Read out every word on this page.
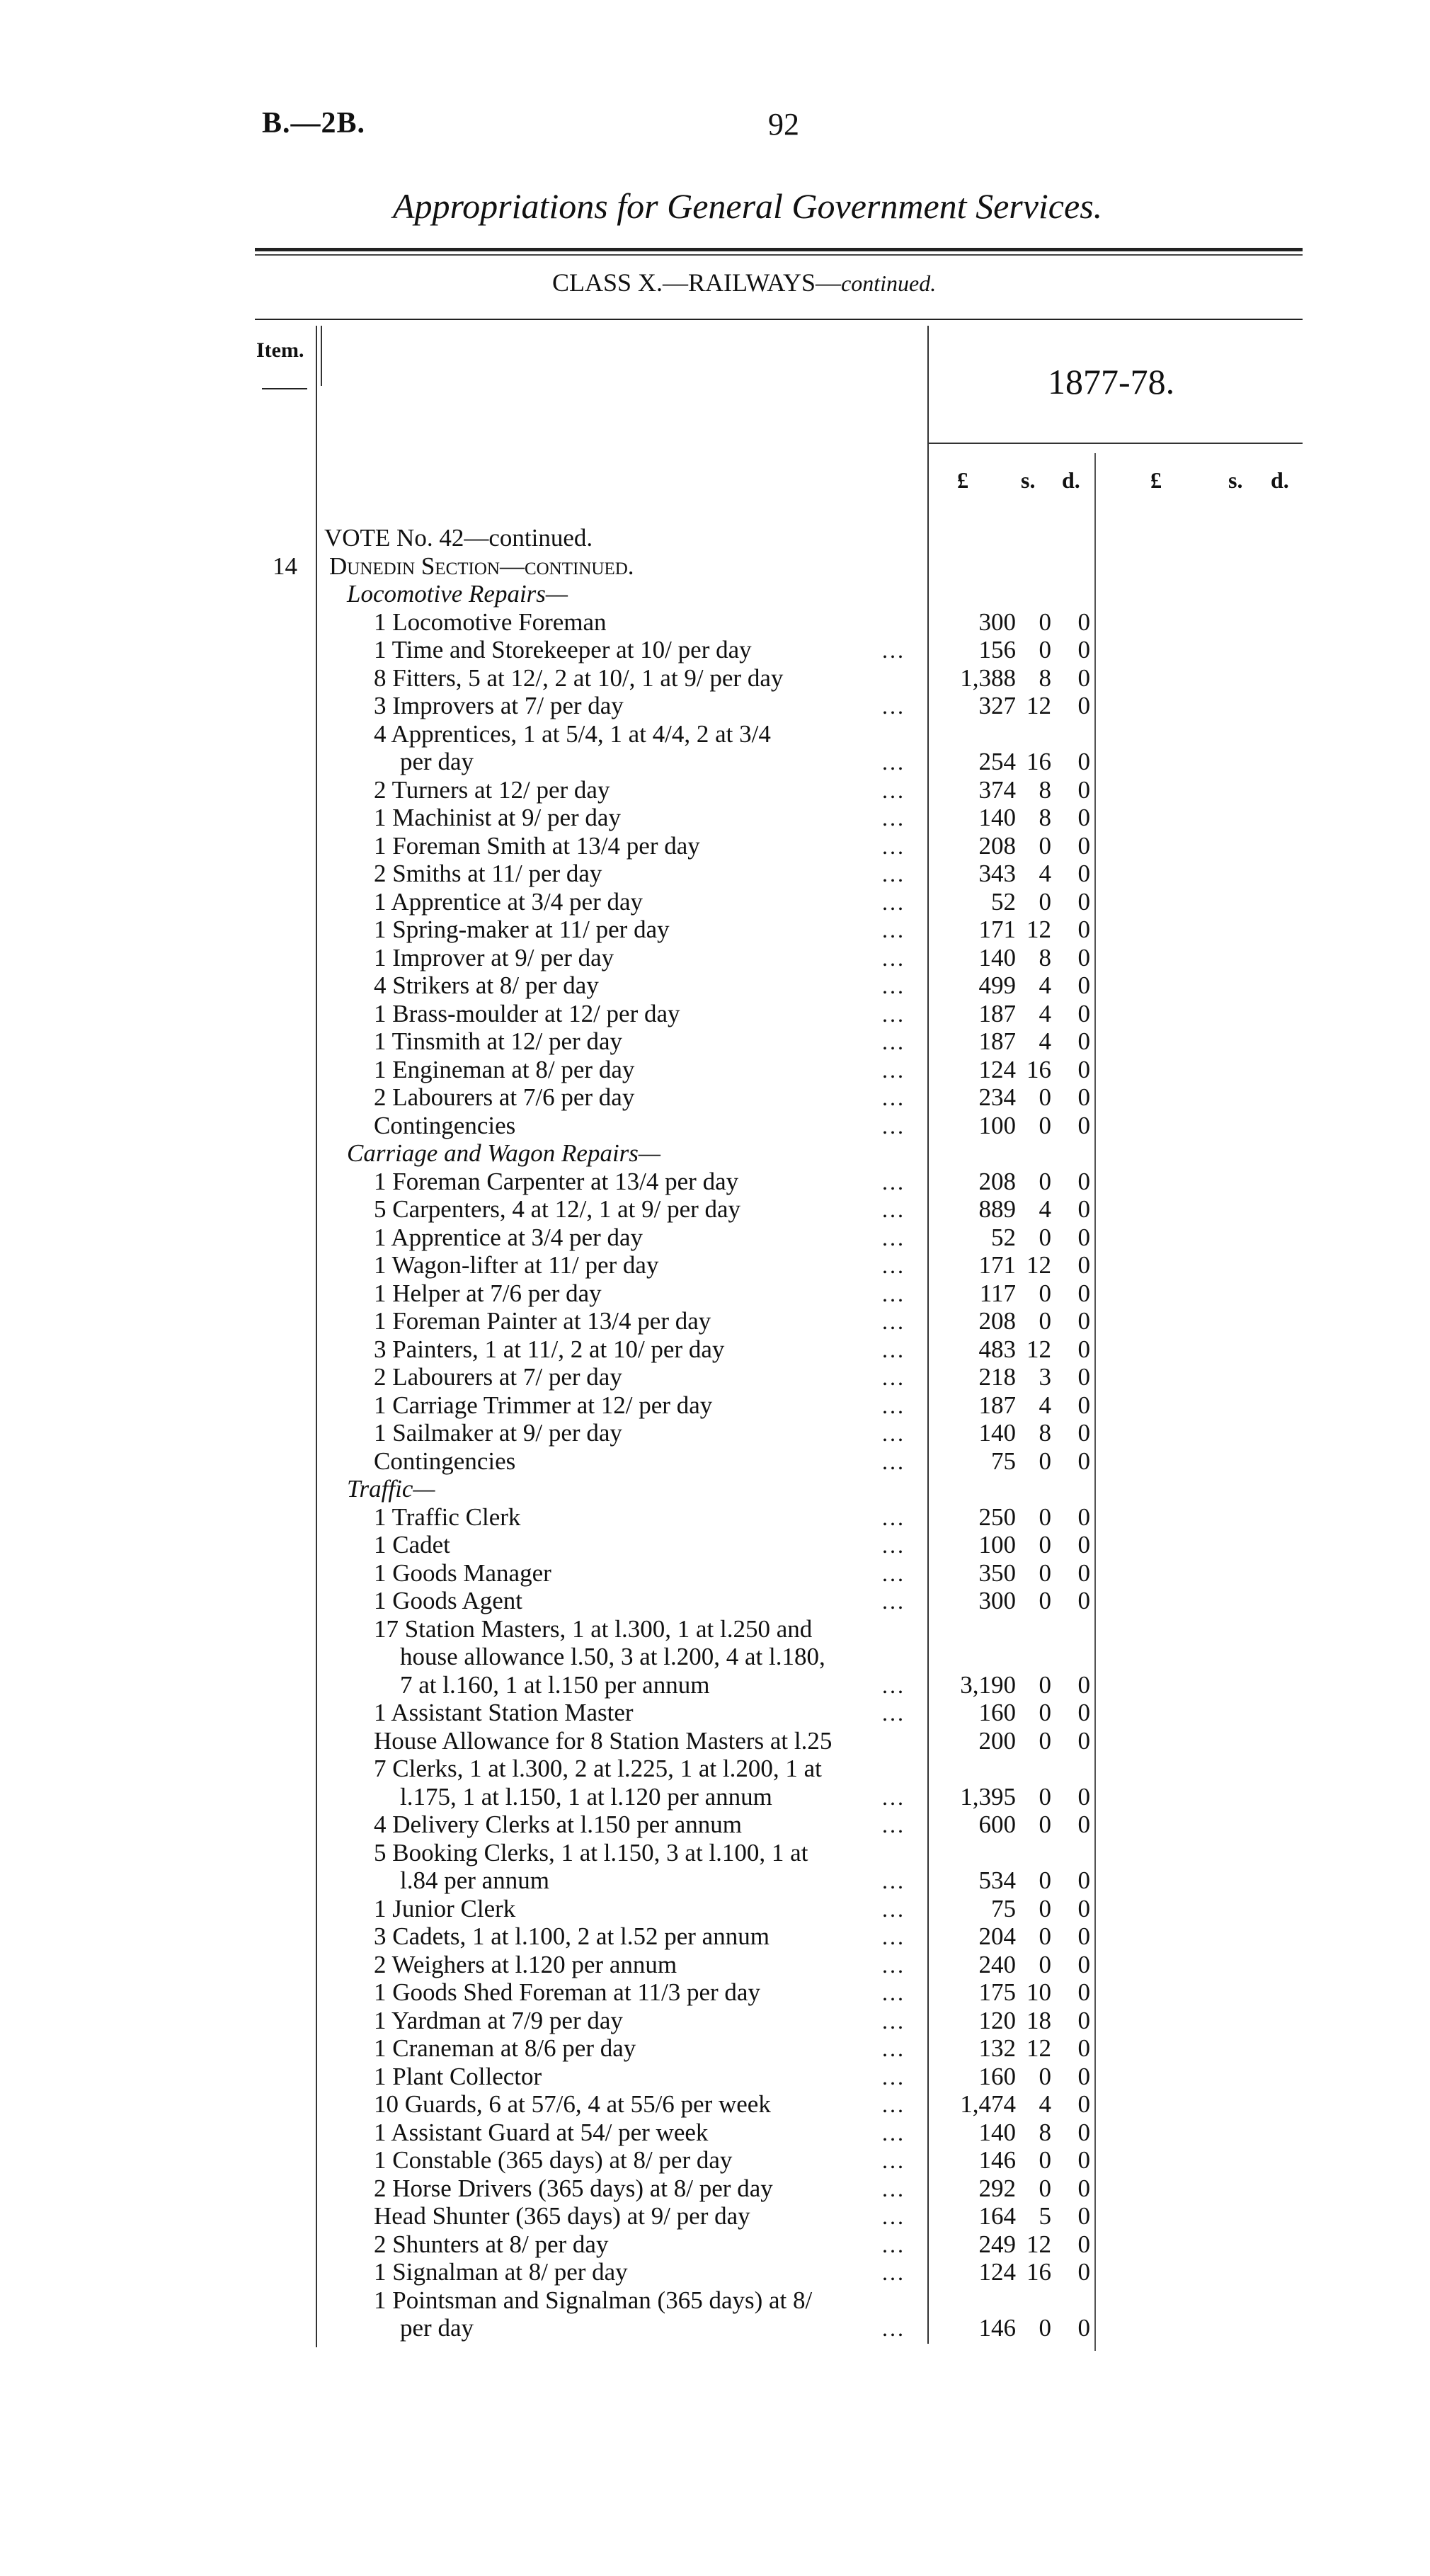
B.—2B.	92
Appropriations for General Government Services.
CLASS X.—RAILWAYS—continued.
Item.
1877-78.
£ s. d.	£	s. d.
VOTE No. 42—continued.
14 Dunedin Section—continued.
Locomotive Repairs—
1 Locomotive Foreman	300 0	0
1 Time and Storekeeper at 10/ per day	...	156 0	0
8 Fitters, 5 at 12/, 2 at 10/, 1 at 9/ per day	1,388 8	0
3 Improvers at 7/ per day	...	327 12	0
4 Apprentices, 1 at 5/4, 1 at 4/4, 2 at 3/4
per day	...	254 16	0
2 Turners at 12/ per day	...	374 8	0
1 Machinist at 9/ per day	...	140 8	0
1 Foreman Smith at 13/4 per day	...	208 0	0
2 Smiths at 11/ per day	...	343 4	0
1 Apprentice at 3/4 per day	...	52 0	0
1 Spring-maker at 11/ per day	...	171 12	0
1 Improver at 9/ per day	...	140 8	0
4 Strikers at 8/ per day	...	499 4	0
1 Brass-moulder at 12/ per day	...	187 4	0
1 Tinsmith at 12/ per day	...	187 4	0
1 Engineman at 8/ per day	...	124 16	0
2 Labourers at 7/6 per day	...	234 0	0
Contingencies	...	100 0	0
Carriage and Wagon Repairs—
1 Foreman Carpenter at 13/4 per day	...	208 0	0
5 Carpenters, 4 at 12/, 1 at 9/ per day	...	889 4	0
1 Apprentice at 3/4 per day	...	52 0	0
1 Wagon-lifter at 11/ per day	...	171 12	0
1 Helper at 7/6 per day	...	117 0	0
1 Foreman Painter at 13/4 per day	...	208 0	0
3 Painters, 1 at 11/, 2 at 10/ per day	...	483 12	0
2 Labourers at 7/ per day	...	218 3	0
1 Carriage Trimmer at 12/ per day	...	187 4	0
1 Sailmaker at 9/ per day	...	140 8	0
Contingencies	...	75 0	0
Traffic—
1 Traffic Clerk	...	250 0	0
1 Cadet	...	100 0	0
1 Goods Manager	...	350 0	0
1 Goods Agent	...	300 0	0
17 Station Masters, 1 at l.300, 1 at l.250 and
house allowance l.50, 3 at l.200, 4 at l.180,
7 at l.160, 1 at l.150 per annum	...	3,190 0	0
1 Assistant Station Master	...	160 0	0
House Allowance for 8 Station Masters at l.25	200 0	0
7 Clerks, 1 at l.300, 2 at l.225, 1 at l.200, 1 at
l.175, 1 at l.150, 1 at l.120 per annum	...	1,395 0	0
4 Delivery Clerks at l.150 per annum	...	600 0	0
5 Booking Clerks, 1 at l.150, 3 at l.100, 1 at
l.84 per annum	...	534 0	0
1 Junior Clerk	...	75 0	0
3 Cadets, 1 at l.100, 2 at l.52 per annum	...	204 0	0
2 Weighers at l.120 per annum	...	240 0	0
1 Goods Shed Foreman at 11/3 per day	...	175 10	0
1 Yardman at 7/9 per day	...	120 18	0
1 Craneman at 8/6 per day	...	132 12	0
1 Plant Collector	...	160 0	0
10 Guards, 6 at 57/6, 4 at 55/6 per week	...	1,474 4	0
1 Assistant Guard at 54/ per week	...	140 8	0
1 Constable (365 days) at 8/ per day	...	146 0	0
2 Horse Drivers (365 days) at 8/ per day	...	292 0	0
Head Shunter (365 days) at 9/ per day	...	164 5	0
2 Shunters at 8/ per day	...	249 12	0
1 Signalman at 8/ per day	...	124 16	0
1 Pointsman and Signalman (365 days) at 8/
per day	...	146 0	0
